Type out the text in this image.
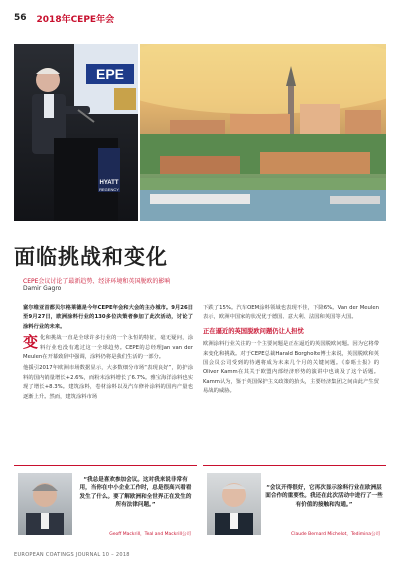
56 2018年CEPE年会
EPE
HYATT
REGENCY
面临挑战和变化
CEPE会议讨论了最新趋势、经济环境和英国脱欧的影响
Damir Gagro

富尔维亚首都贝尔格莱德是今年CEPE年会和大会的主办城市。9月26日至9月27日，欧洲涂料行业的130多位决策者参加了此次活动，讨论了涂料行业的未来。

变化和挑战一直是全球许多行业的一个永恒的特征，毫无疑问，涂料行业也没有逃过这一全球趋势。CEPE的总经理Jan van der Meulen在开幕致辞中强调，涂料仍将是我们生活的一部分。

他援引2017年欧洲市场数据显示，大多数细分市场“表现良好”，防护涂料的国内销量增长+2.6%，而粉末涂料增长了6.7%。雅宝海洋涂料也实现了增长+8.3%。建筑涂料，卷材涂料以及汽车修补涂料的国内产量也逐渐上升。然而，建筑涂料市场

下跌了15%。汽车OEM涂料领域也表现不佳，下降6%。Van der Meulen表示，欧洲中国家的状况优于德国、意大利、法国和英国等大国。

正在逼近的英国脱欧问题仍让人担忧

欧洲涂料行业关注的一个主要问题是正在逼近的英国脱欧问题。因为它将带来变化和挑战。对于CEPE总裁Harald Borgholte博士来说，英国脱欧和英国会员公司受到的待遇将成为未来几个月的关键问题。《泰晤士报》的Oliver Kamm在其关于欧盟内部经济形势的演讲中也谈及了这个话题。Kamm认为，鉴于英国保护主义政策的抬头，主要经济集团之间由此产生贸易战的威胁。

“我总是喜欢参加会议。这对我来说非常有用，当你在中小企业工作时，总是很高兴看看发生了什么。要了解欧洲和全世界正在发生的所有法律问题。”
Geoff Mackrill，Teal and Mackrill公司
“会议开得很好，它再次显示涂料行业在欧洲层面合作的重要性。我还在此次活动中进行了一些有价值的接触和沟通。”
Claude Bernard Michelot，Tedimina公司
EUROPEAN COATINGS JOURNAL 10 – 2018
